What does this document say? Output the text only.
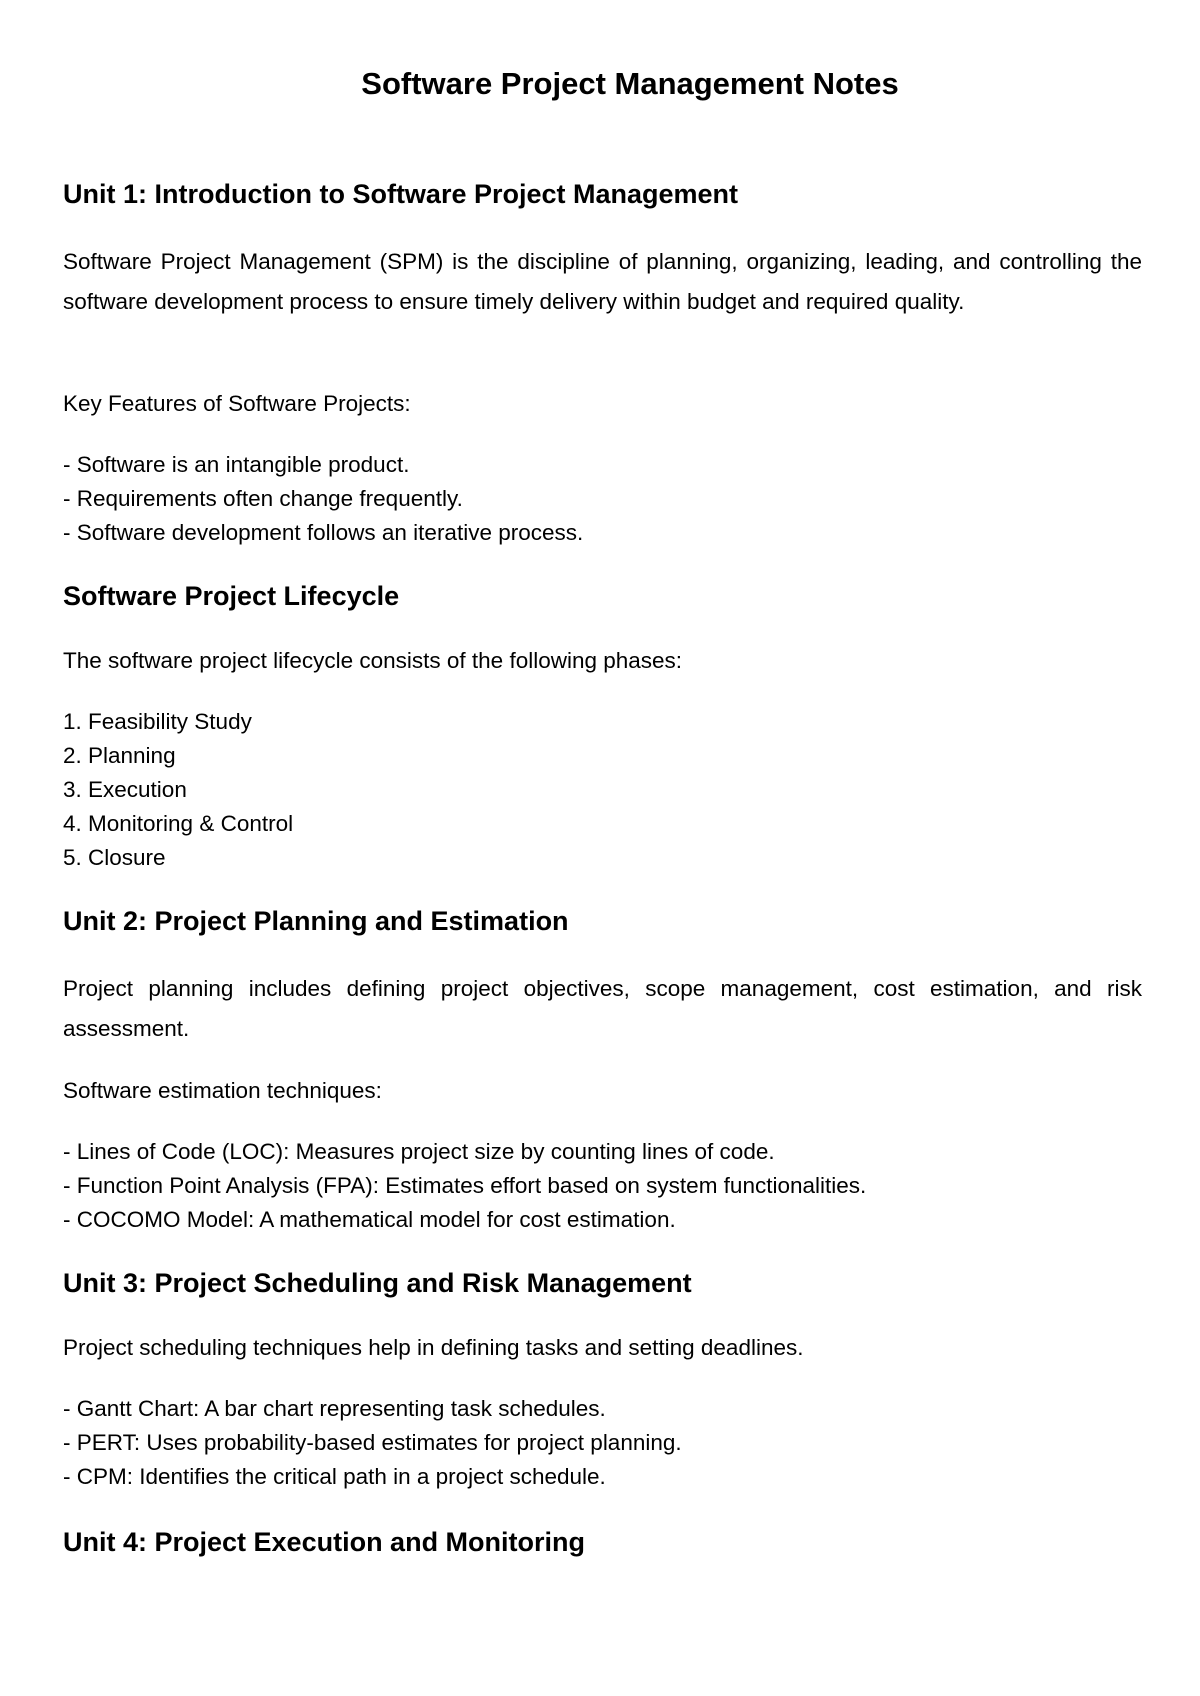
Software Project Management Notes
Unit 1: Introduction to Software Project Management

Software Project Management (SPM) is the discipline of planning, organizing, leading, and controlling the software development process to ensure timely delivery within budget and required quality.

Key Features of Software Projects:

- Software is an intangible product.

- Requirements often change frequently.

- Software development follows an iterative process.

Software Project Lifecycle

The software project lifecycle consists of the following phases:

1. Feasibility Study

2. Planning

3. Execution

4. Monitoring & Control

5. Closure

Unit 2: Project Planning and Estimation

Project planning includes defining project objectives, scope management, cost estimation, and risk assessment.

Software estimation techniques:

- Lines of Code (LOC): Measures project size by counting lines of code.

- Function Point Analysis (FPA): Estimates effort based on system functionalities.

- COCOMO Model: A mathematical model for cost estimation.

Unit 3: Project Scheduling and Risk Management

Project scheduling techniques help in defining tasks and setting deadlines.

- Gantt Chart: A bar chart representing task schedules.

- PERT: Uses probability-based estimates for project planning.

- CPM: Identifies the critical path in a project schedule.

Unit 4: Project Execution and Monitoring
